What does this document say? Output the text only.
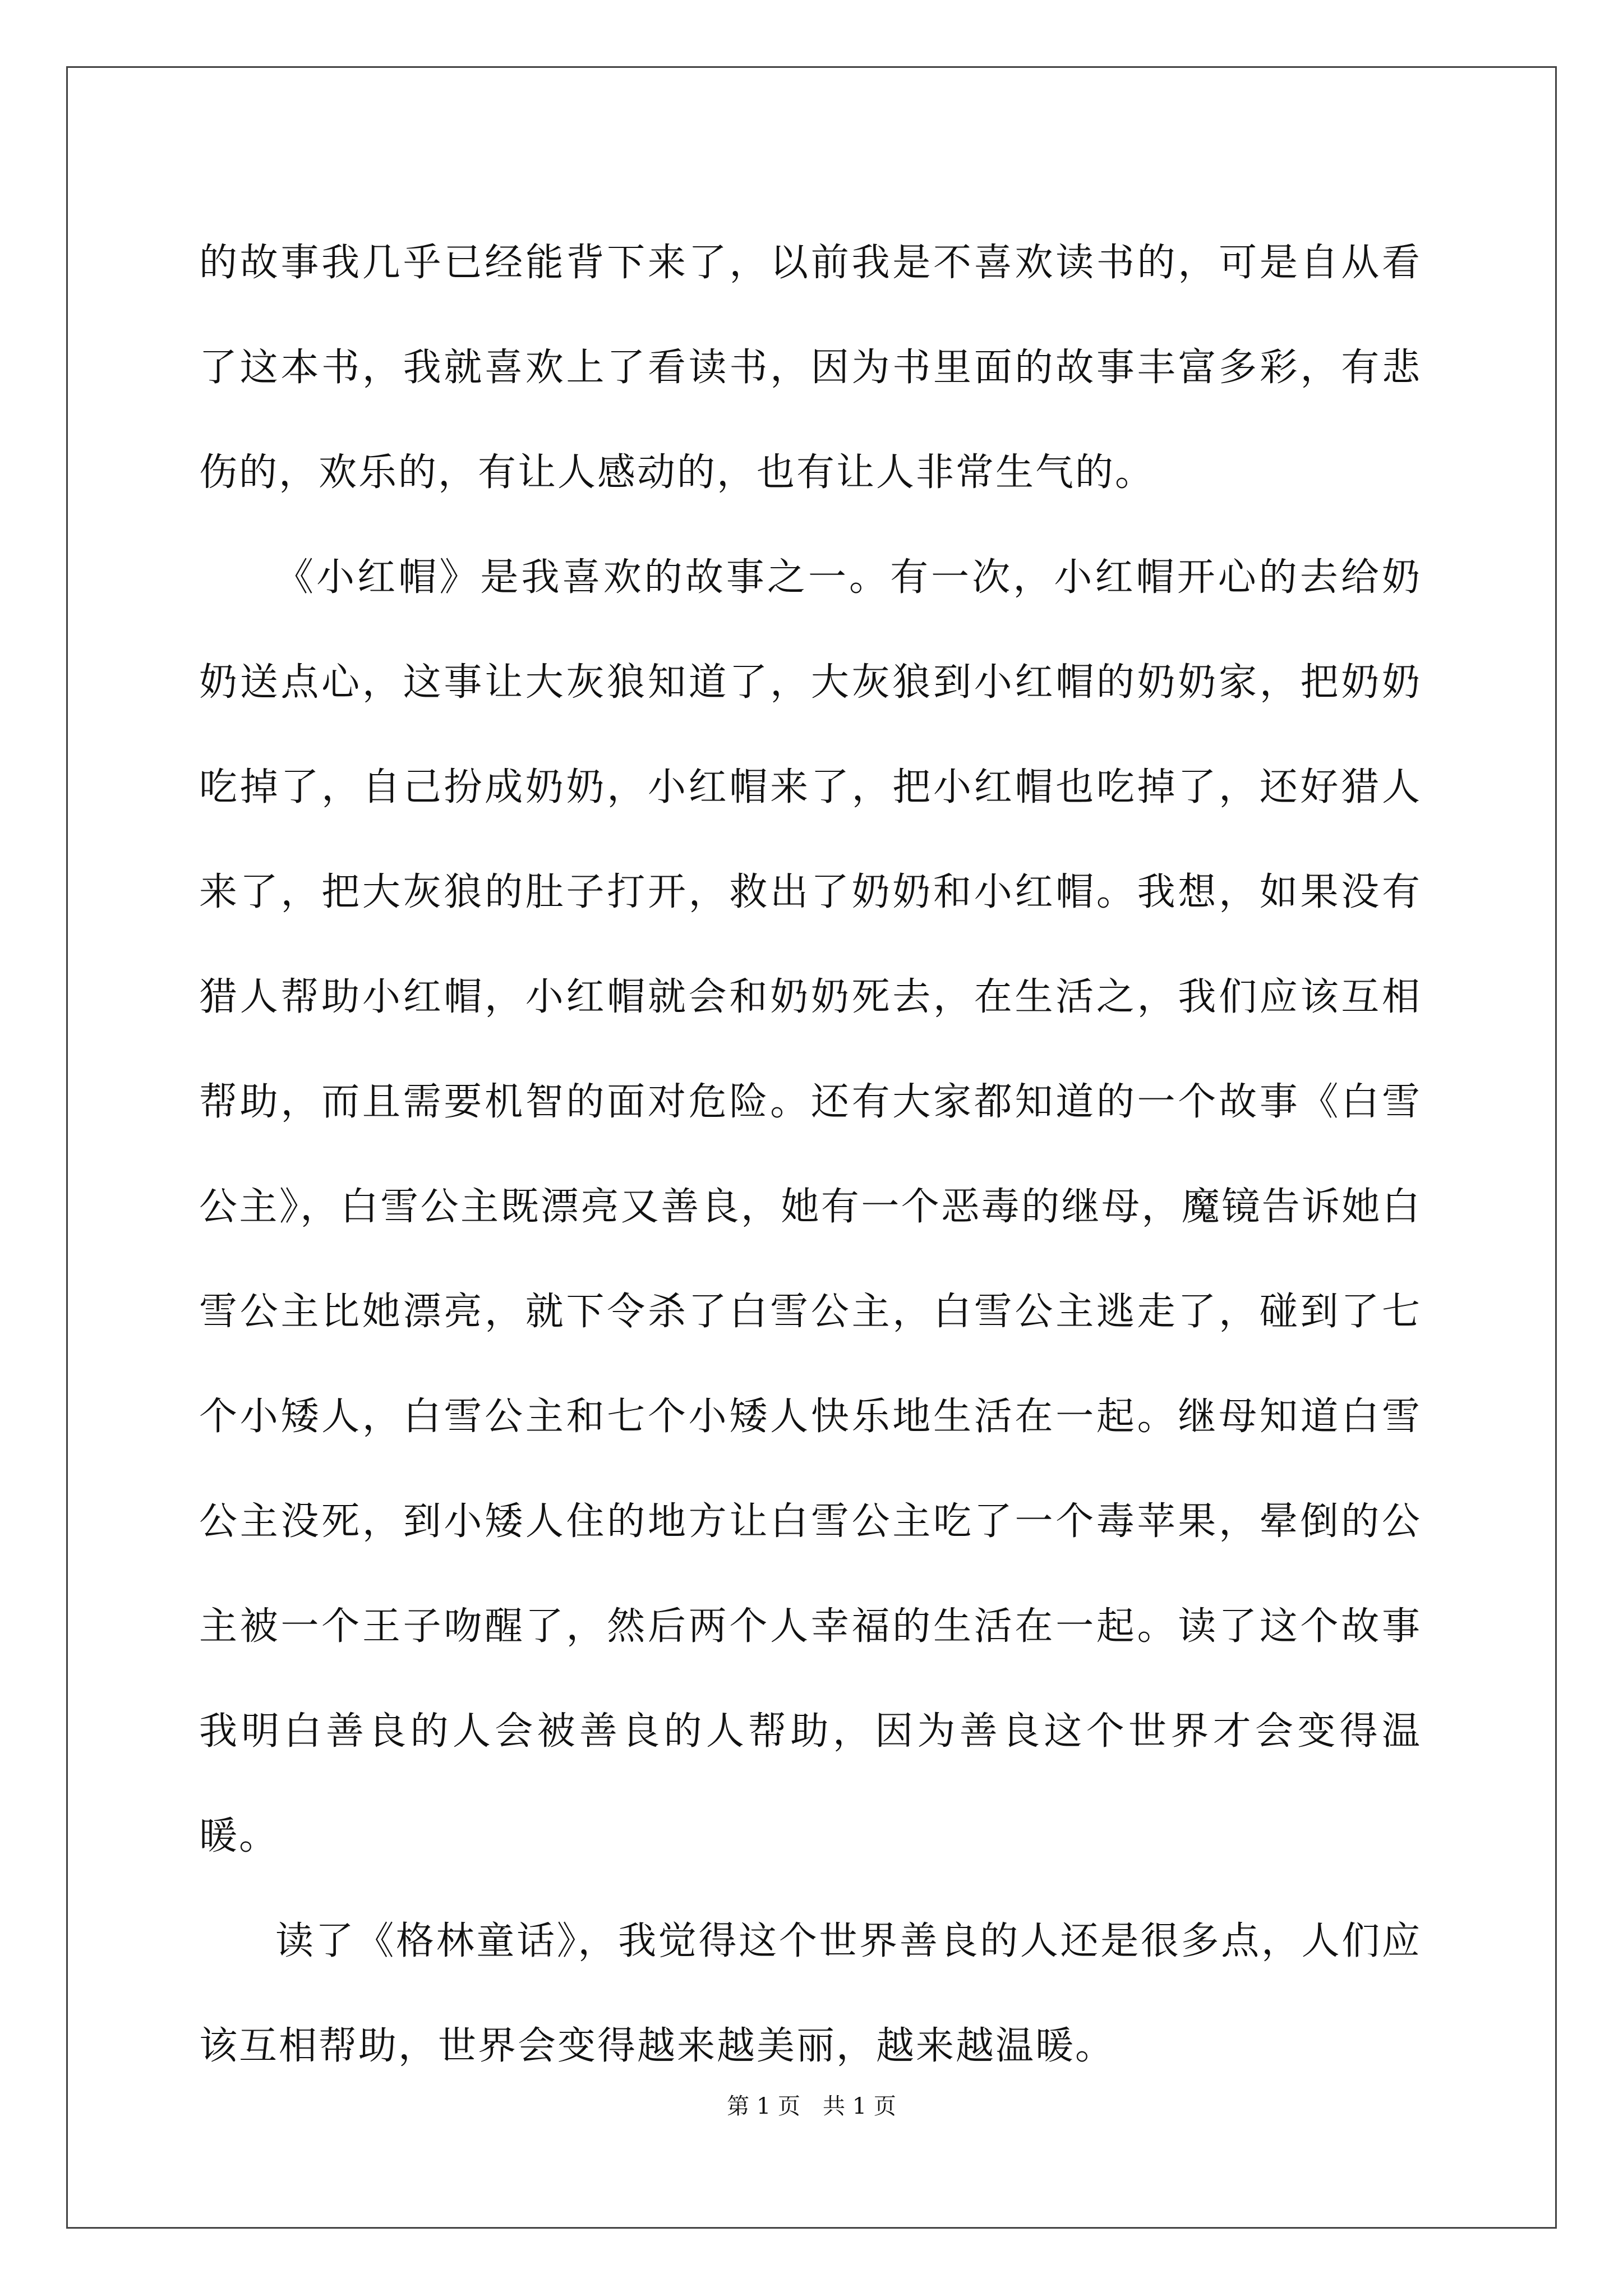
的故事我几乎已经能背下来了，以前我是不喜欢读书的，可是自从看了这本书，我就喜欢上了看读书，因为书里面的故事丰富多彩，有悲伤的，欢乐的，有让人感动的，也有让人非常生气的。

《小红帽》是我喜欢的故事之一。有一次，小红帽开心的去给奶奶送点心，这事让大灰狼知道了，大灰狼到小红帽的奶奶家，把奶奶吃掉了，自己扮成奶奶，小红帽来了，把小红帽也吃掉了，还好猎人来了，把大灰狼的肚子打开，救出了奶奶和小红帽。我想，如果没有猎人帮助小红帽，小红帽就会和奶奶死去，在生活之，我们应该互相帮助，而且需要机智的面对危险。还有大家都知道的一个故事《白雪公主》，白雪公主既漂亮又善良，她有一个恶毒的继母，魔镜告诉她白雪公主比她漂亮，就下令杀了白雪公主，白雪公主逃走了，碰到了七个小矮人，白雪公主和七个小矮人快乐地生活在一起。继母知道白雪公主没死，到小矮人住的地方让白雪公主吃了一个毒苹果，晕倒的公主被一个王子吻醒了，然后两个人幸福的生活在一起。读了这个故事我明白善良的人会被善良的人帮助，因为善良这个世界才会变得温暖。

读了《格林童话》，我觉得这个世界善良的人还是很多点，人们应该互相帮助，世界会变得越来越美丽，越来越温暖。

第 1 页 共 1 页
